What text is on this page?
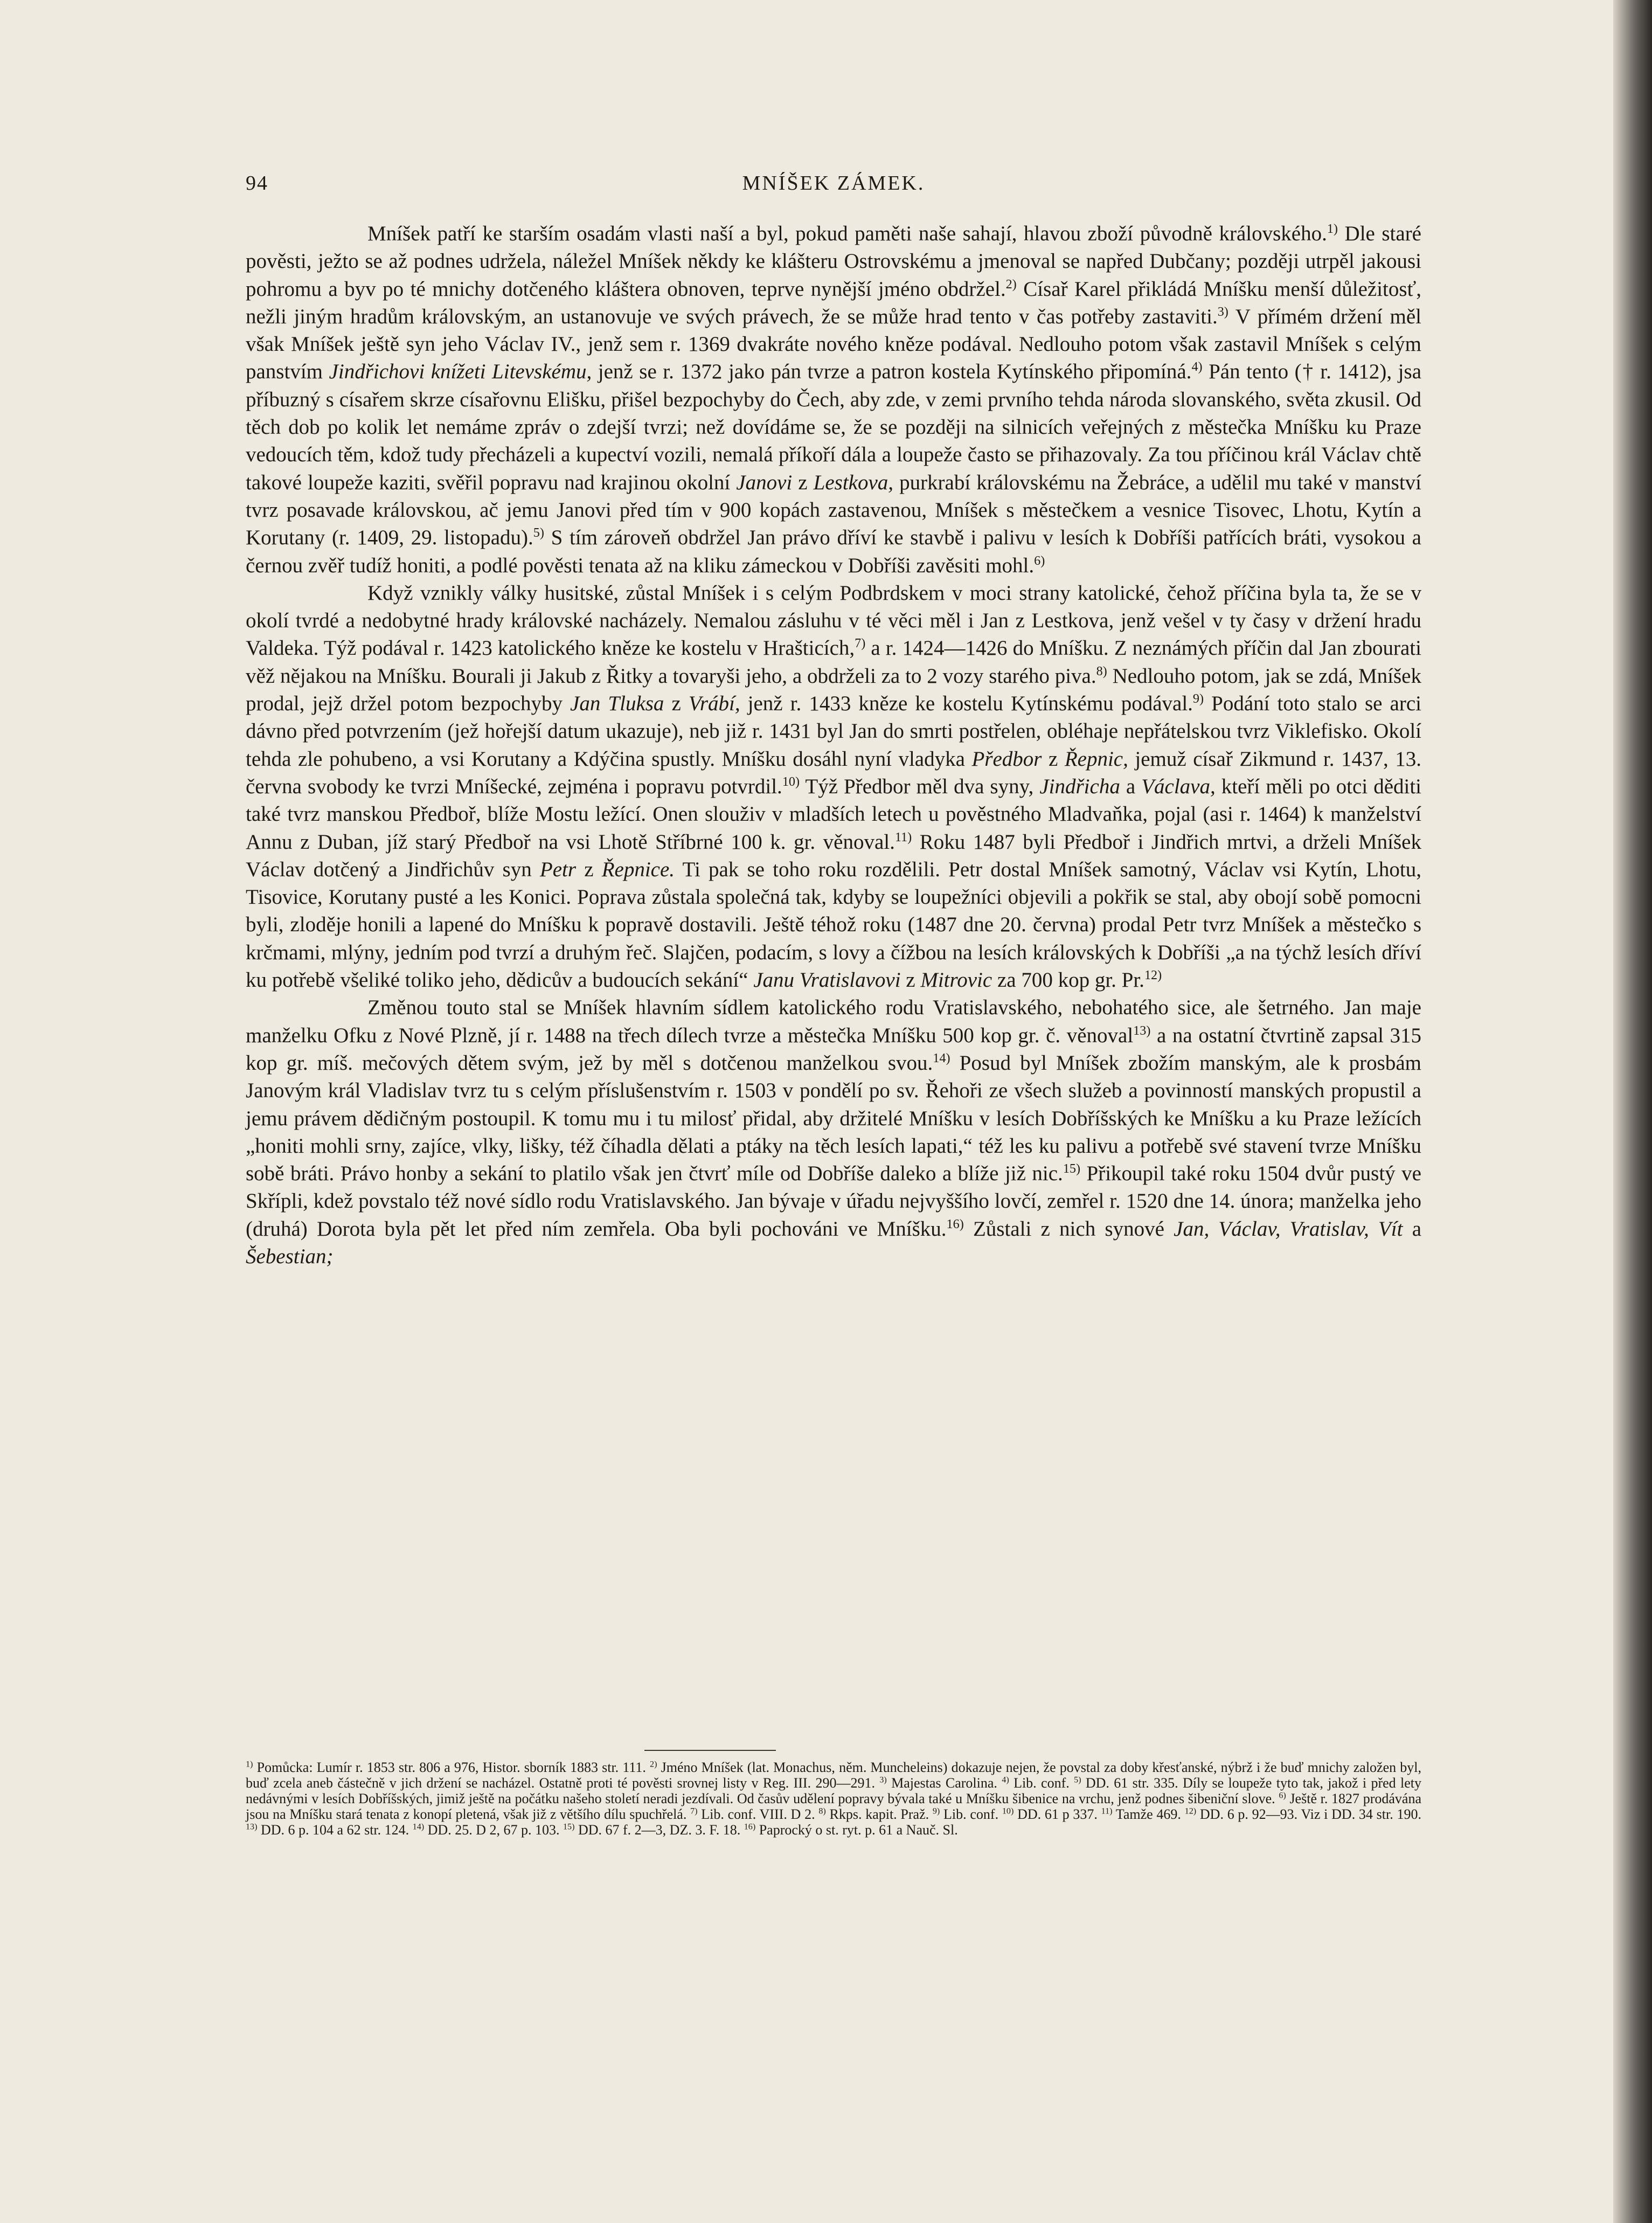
94	MNÍŠEK ZÁMEK.

Mníšek patří ke starším osadám vlasti naší a byl, pokud paměti naše sahají, hlavou zboží původně královského.$^{1)}$ Dle staré pověsti, ježto se až podnes udržela, náležel Mníšek někdy ke klášteru Ostrovskému a jmenoval se napřed Dubčany; později utrpěl jakousi pohromu a byv po té mnichy dotčeného kláštera obnoven, teprve nynější jméno obdržel.$^{2)}$ Císař Karel přikládá Mníšku menší důležitosť, nežli jiným hradům královským, an ustanovuje ve svých právech, že se může hrad tento v čas potřeby zastaviti.$^{3)}$ V přímém držení měl však Mníšek ještě syn jeho Václav IV., jenž sem r. 1369 dvakráte nového kněze podával. Nedlouho potom však zastavil Mníšek s celým panstvím Jindřichovi knížeti Litevskému, jenž se r. 1372 jako pán tvrze a patron kostela Kytínského připomíná.$^{4)}$ Pán tento († r. 1412), jsa příbuzný s císařem skrze císařovnu Elišku, přišel bezpochyby do Čech, aby zde, v zemi prvního tehda národa slovanského, světa zkusil. Od těch dob po kolik let nemáme zpráv o zdejší tvrzi; než dovídáme se, že se později na silnicích veřejných z městečka Mníšku ku Praze vedoucích těm, kdož tudy přecházeli a kupectví vozili, nemalá příkoří dála a loupeže často se přihazovaly. Za tou příčinou král Václav chtě takové loupeže kaziti, svěřil popravu nad krajinou okolní Janovi z Lestkova, purkrabí královskému na Žebráce, a udělil mu také v manství tvrz posavade královskou, ač jemu Janovi před tím v 900 kopách zastavenou, Mníšek s městečkem a vesnice Tisovec, Lhotu, Kytín a Korutany (r. 1409, 29. listopadu).$^{5)}$ S tím zároveň obdržel Jan právo dříví ke stavbě i palivu v lesích k Dobříši patřících bráti, vysokou a černou zvěř tudíž honiti, a podlé pověsti tenata až na kliku zámeckou v Dobříši zavěsiti mohl.$^{6)}$

Když vznikly války husitské, zůstal Mníšek i s celým Podbrdskem v moci strany katolické, čehož příčina byla ta, že se v okolí tvrdé a nedobytné hrady královské nacházely. Nemalou zásluhu v té věci měl i Jan z Lestkova, jenž vešel v ty časy v držení hradu Valdeka. Týž podával r. 1423 katolického kněze ke kostelu v Hrašticích,$^{7)}$ a r. 1424—1426 do Mníšku. Z neznámých příčin dal Jan zbourati věž nějakou na Mníšku. Bourali ji Jakub z Řitky a tovaryši jeho, a obdrželi za to 2 vozy starého piva.$^{8)}$ Nedlouho potom, jak se zdá, Mníšek prodal, jejž držel potom bezpochyby Jan Tluksa z Vrábí, jenž r. 1433 kněze ke kostelu Kytínskému podával.$^{9)}$ Podání toto stalo se arci dávno před potvrzením (jež hořejší datum ukazuje), neb již r. 1431 byl Jan do smrti postřelen, obléhaje nepřátelskou tvrz Viklefisko. Okolí tehda zle pohubeno, a vsi Korutany a Kdýčina spustly. Mníšku dosáhl nyní vladyka Předbor z Řepnic, jemuž císař Zikmund r. 1437, 13. června svobody ke tvrzi Mníšecké, zejména i popravu potvrdil.$^{10)}$ Týž Předbor měl dva syny, Jindřicha a Václava, kteří měli po otci děditi také tvrz manskou Předboř, blíže Mostu ležící. Onen slouživ v mladších letech u pověstného Mladvaňka, pojal (asi r. 1464) k manželství Annu z Duban, jíž starý Předboř na vsi Lhotě Stříbrné 100 k. gr. věnoval.$^{11)}$ Roku 1487 byli Předboř i Jindřich mrtvi, a drželi Mníšek Václav dotčený a Jindřichův syn Petr z Řepnice. Ti pak se toho roku rozdělili. Petr dostal Mníšek samotný, Václav vsi Kytín, Lhotu, Tisovice, Korutany pusté a les Konici. Poprava zůstala společná tak, kdyby se loupežníci objevili a pokřik se stal, aby obojí sobě pomocni byli, zloděje honili a lapené do Mníšku k popravě dostavili. Ještě téhož roku (1487 dne 20. června) prodal Petr tvrz Mníšek a městečko s krčmami, mlýny, jedním pod tvrzí a druhým řeč. Slajčen, podacím, s lovy a čížbou na lesích královských k Dobříši „a na týchž lesích dříví ku potřebě všeliké toliko jeho, dědicův a budoucích sekání“ Janu Vratislavovi z Mitrovic za 700 kop gr. Pr.$^{12)}$

Změnou touto stal se Mníšek hlavním sídlem katolického rodu Vratislavského, nebohatého sice, ale šetrného. Jan maje manželku Ofku z Nové Plzně, jí r. 1488 na třech dílech tvrze a městečka Mníšku 500 kop gr. č. věnoval$^{13)}$ a na ostatní čtvrtině zapsal 315 kop gr. míš. mečových dětem svým, jež by měl s dotčenou manželkou svou.$^{14)}$ Posud byl Mníšek zbožím manským, ale k prosbám Janovým král Vladislav tvrz tu s celým příslušenstvím r. 1503 v pondělí po sv. Řehoři ze všech služeb a povinností manských propustil a jemu právem dědičným postoupil. K tomu mu i tu milosť přidal, aby držitelé Mníšku v lesích Dobříšských ke Mníšku a ku Praze ležících „honiti mohli srny, zajíce, vlky, lišky, též číhadla dělati a ptáky na těch lesích lapati,“ též les ku palivu a potřebě své stavení tvrze Mníšku sobě bráti. Právo honby a sekání to platilo však jen čtvrť míle od Dobříše daleko a blíže již nic.$^{15)}$ Přikoupil také roku 1504 dvůr pustý ve Skřípli, kdež povstalo též nové sídlo rodu Vratislavského. Jan bývaje v úřadu nejvyššího lovčí, zemřel r. 1520 dne 14. února; manželka jeho (druhá) Dorota byla pět let před ním zemřela. Oba byli pochováni ve Mníšku.$^{16)}$ Zůstali z nich synové Jan, Václav, Vratislav, Vít a Šebestian;

$^{1)}$ Pomůcka: Lumír r. 1853 str. 806 a 976, Histor. sborník 1883 str. 111. $^{2)}$ Jméno Mníšek (lat. Monachus, něm. Muncheleins) dokazuje nejen, že povstal za doby křesťanské, nýbrž i že buď mnichy založen byl, buď zcela aneb částečně v jich držení se nacházel. Ostatně proti té pověsti srovnej listy v Reg. III. 290—291. $^{3)}$ Majestas Carolina. $^{4)}$ Lib. conf. $^{5)}$ DD. 61 str. 335. Díly se loupeže tyto tak, jakož i před lety nedávnými v lesích Dobříšských, jimiž ještě na počátku našeho století neradi jezdívali. Od časův udělení popravy bývala také u Mníšku šibenice na vrchu, jenž podnes šibeniční slove. $^{6)}$ Ještě r. 1827 prodávána jsou na Mníšku stará tenata z konopí pletená, však již z většího dílu spuchřelá. $^{7)}$ Lib. conf. VIII. D 2. $^{8)}$ Rkps. kapit. Praž. $^{9)}$ Lib. conf. $^{10)}$ DD. 61 p 337. $^{11)}$ Tamže 469. $^{12)}$ DD. 6 p. 92—93. Viz i DD. 34 str. 190. $^{13)}$ DD. 6 p. 104 a 62 str. 124. $^{14)}$ DD. 25. D 2, 67 p. 103. $^{15)}$ DD. 67 f. 2—3, DZ. 3. F. 18. $^{16)}$ Paprocký o st. ryt. p. 61 a Nauč. Sl.
